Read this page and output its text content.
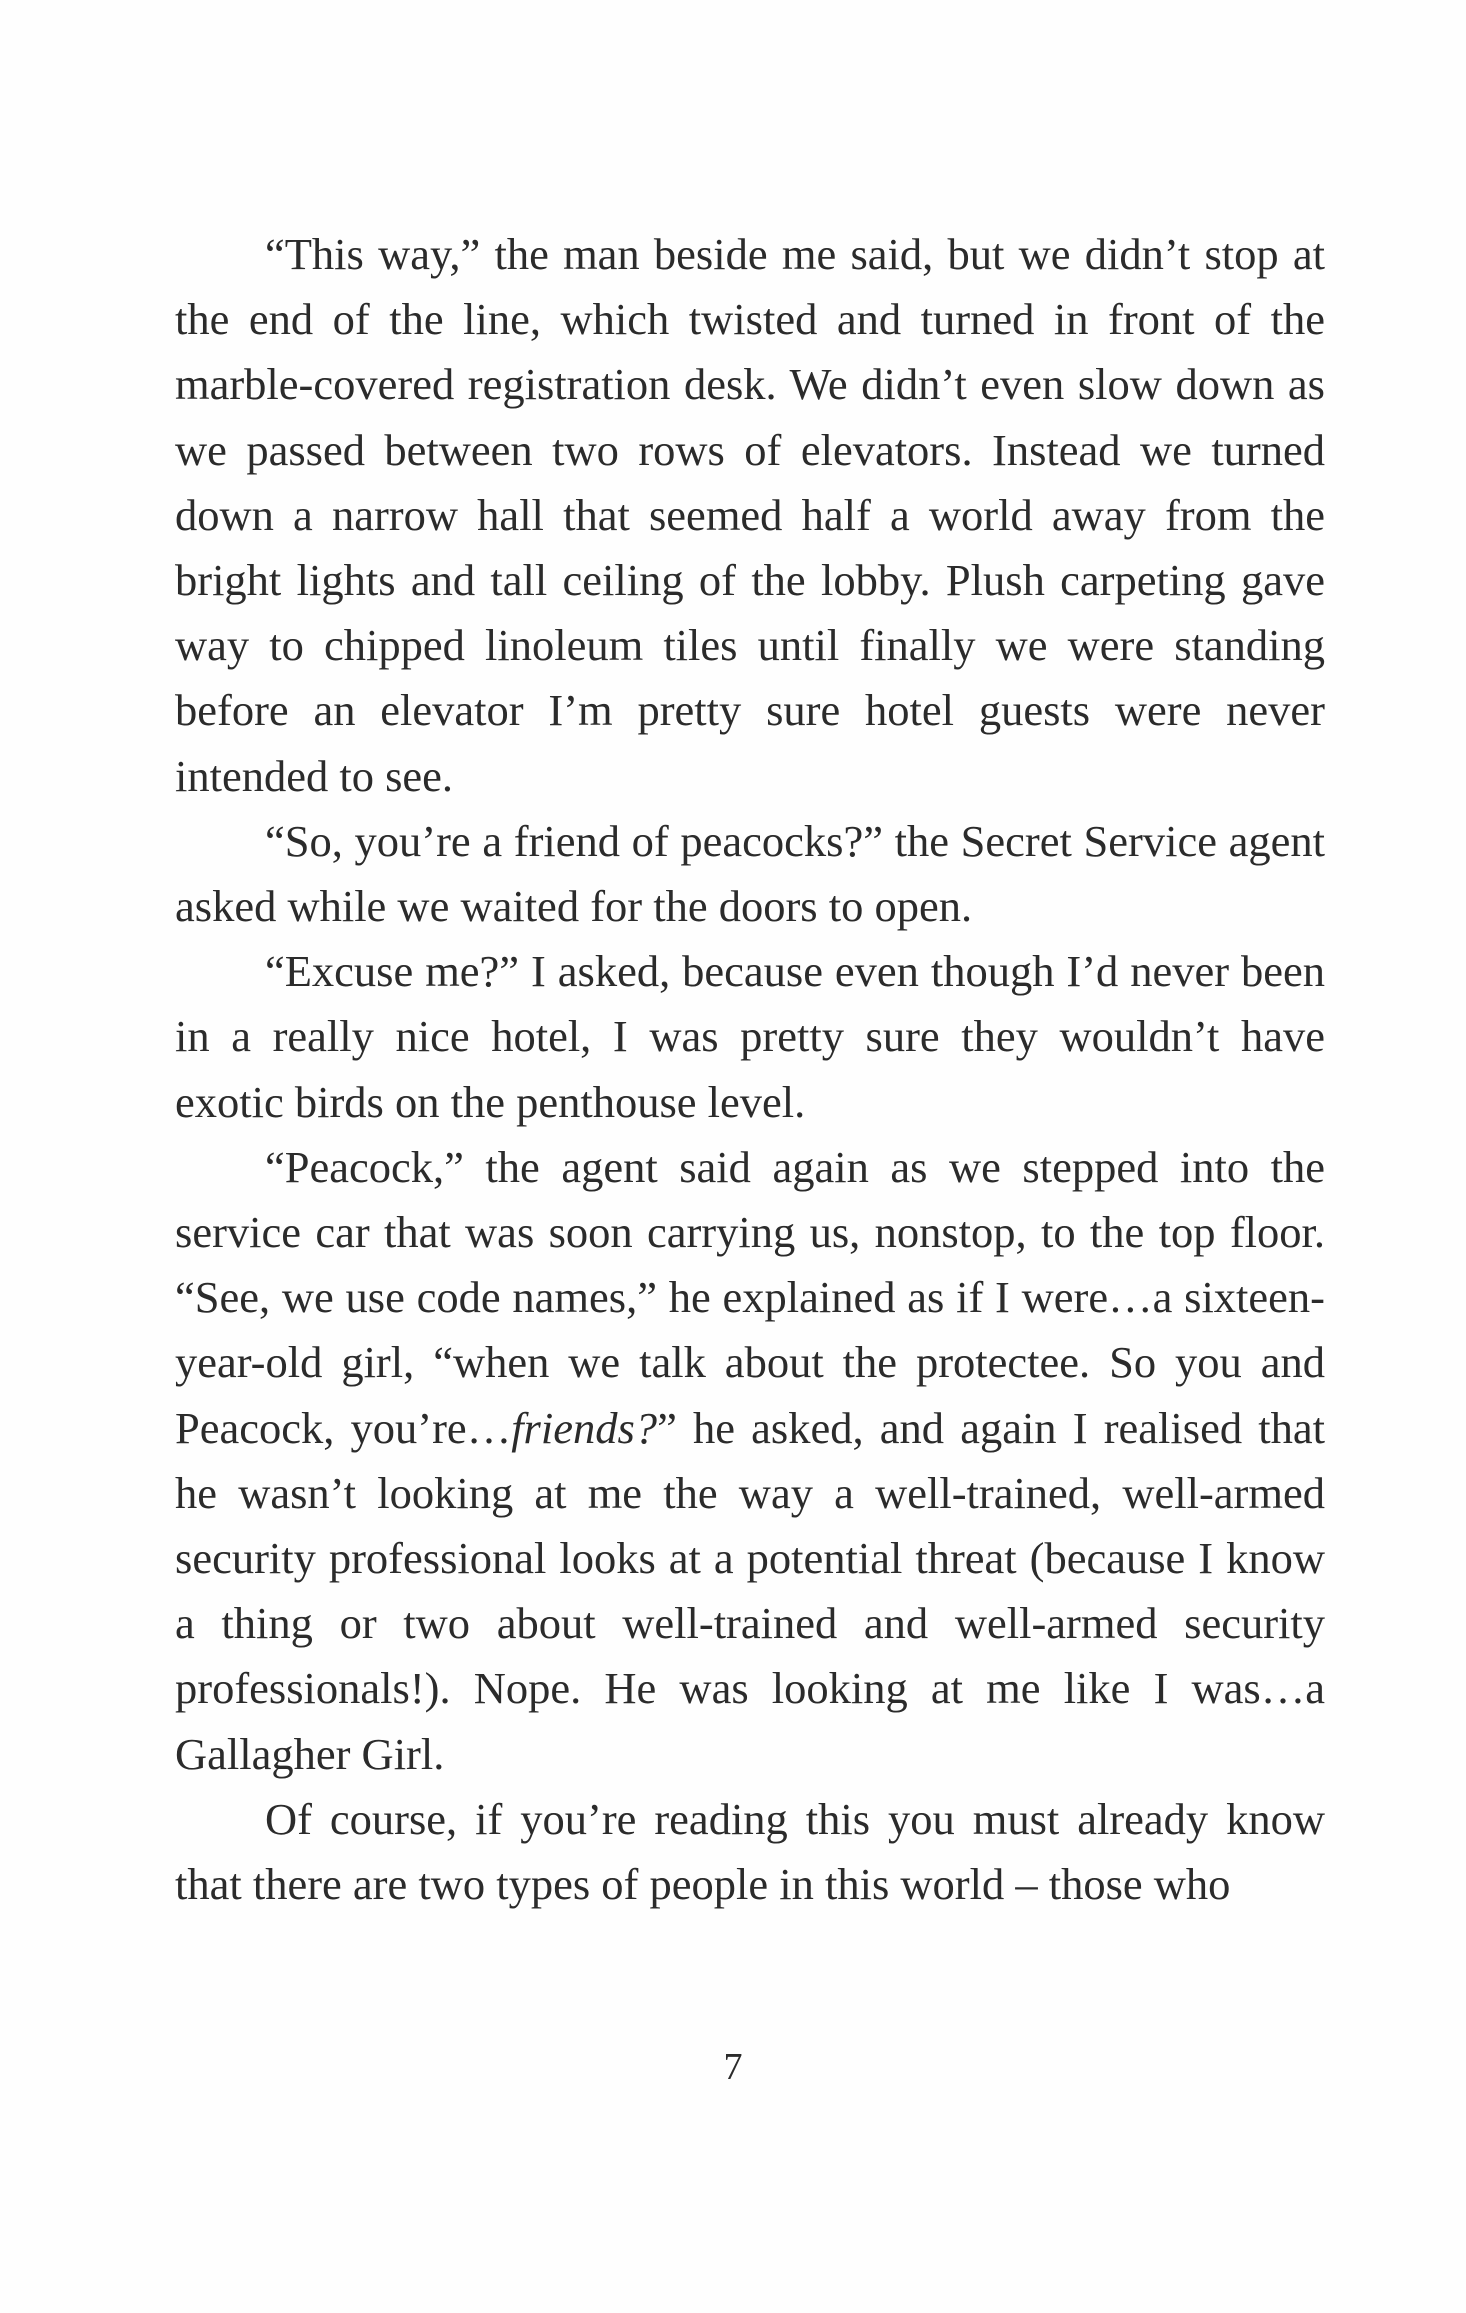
“This way,” the man beside me said, but we didn’t stop at the end of the line, which twisted and turned in front of the marble-covered registration desk. We didn’t even slow down as we passed between two rows of elevators. Instead we turned down a narrow hall that seemed half a world away from the bright lights and tall ceiling of the lobby. Plush carpeting gave way to chipped linoleum tiles until finally we were standing before an elevator I’m pretty sure hotel guests were never intended to see.

“So, you’re a friend of peacocks?” the Secret Service agent asked while we waited for the doors to open.

“Excuse me?” I asked, because even though I’d never been in a really nice hotel, I was pretty sure they wouldn’t have exotic birds on the penthouse level.

“Peacock,” the agent said again as we stepped into the service car that was soon carrying us, nonstop, to the top floor. “See, we use code names,” he explained as if I were…a sixteen-year-old girl, “when we talk about the protectee. So you and Peacock, you’re…friends?” he asked, and again I realised that he wasn’t looking at me the way a well-trained, well-armed security professional looks at a potential threat (because I know a thing or two about well-trained and well-armed security professionals!). Nope. He was looking at me like I was…a Gallagher Girl.

Of course, if you’re reading this you must already know that there are two types of people in this world – those who

7
